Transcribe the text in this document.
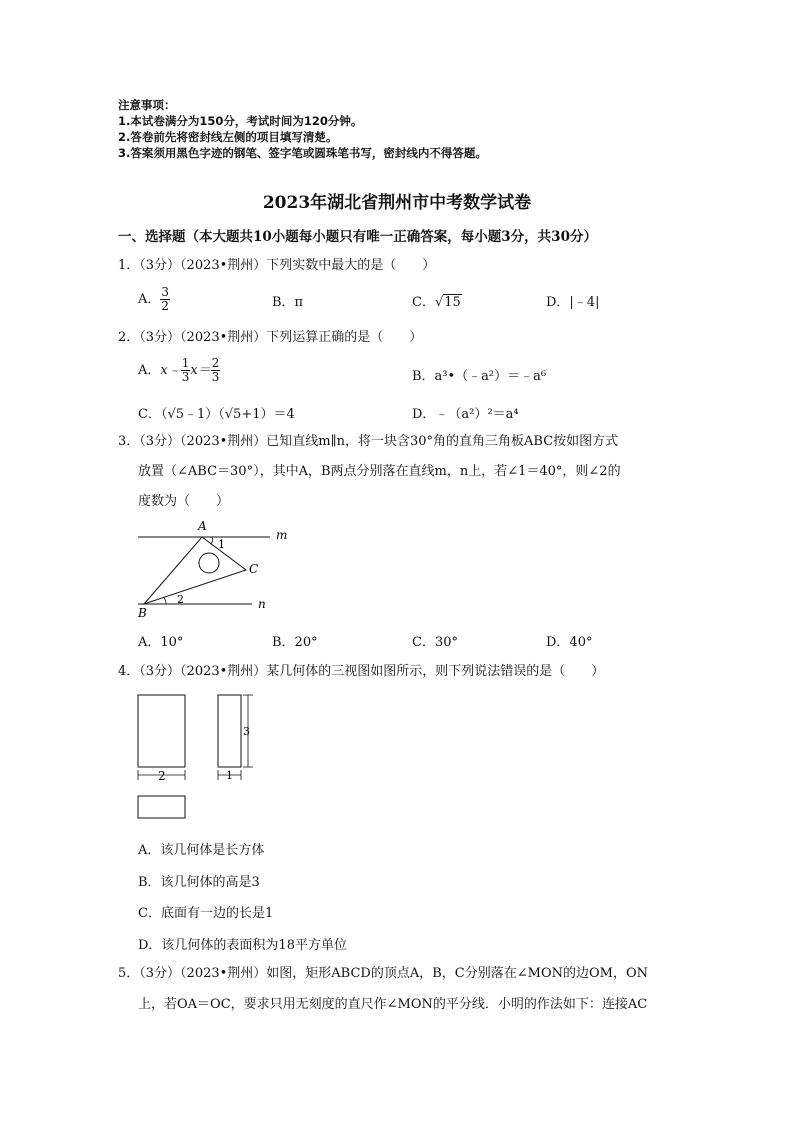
注意事项：
1.本试卷满分为150分，考试时间为120分钟。
2.答卷前先将密封线左侧的项目填写清楚。
3.答案须用黑色字迹的钢笔、签字笔或圆珠笔书写，密封线内不得答题。
2023年湖北省荆州市中考数学试卷
一、选择题（本大题共10小题每小题只有唯一正确答案，每小题3分，共30分）
1．（3分）（2023•荆州）下列实数中最大的是（　　）
A． $\frac{3}{2}$	B．π	C．√15	D．|﹣4|
2．（3分）（2023•荆州）下列运算正确的是（　　）
A．x﹣ $\frac{1}{3} x= \frac{2}{3}$	B．a³•（﹣a²）＝﹣a⁶
C．（√5﹣1）（√5+1）＝4	D．﹣（a²）²＝a⁴
3．（3分）（2023•荆州）已知直线m∥n，将一块含30°角的直角三角板ABC按如图方式
放置（∠ABC＝30°），其中A，B两点分别落在直线m，n上，若∠1＝40°，则∠2的
度数为（　　）
A
B
C
m
n
1
2
A．10°	B．20°	C．30°	D．40°
4．（3分）（2023•荆州）某几何体的三视图如图所示，则下列说法错误的是（　　）
2	1
3
A．该几何体是长方体
B．该几何体的高是3
C．底面有一边的长是1
D．该几何体的表面积为18平方单位
5．（3分）（2023•荆州）如图，矩形ABCD的顶点A，B，C分别落在∠MON的边OM，ON
上，若OA＝OC，要求只用无刻度的直尺作∠MON的平分线．小明的作法如下：连接AC
